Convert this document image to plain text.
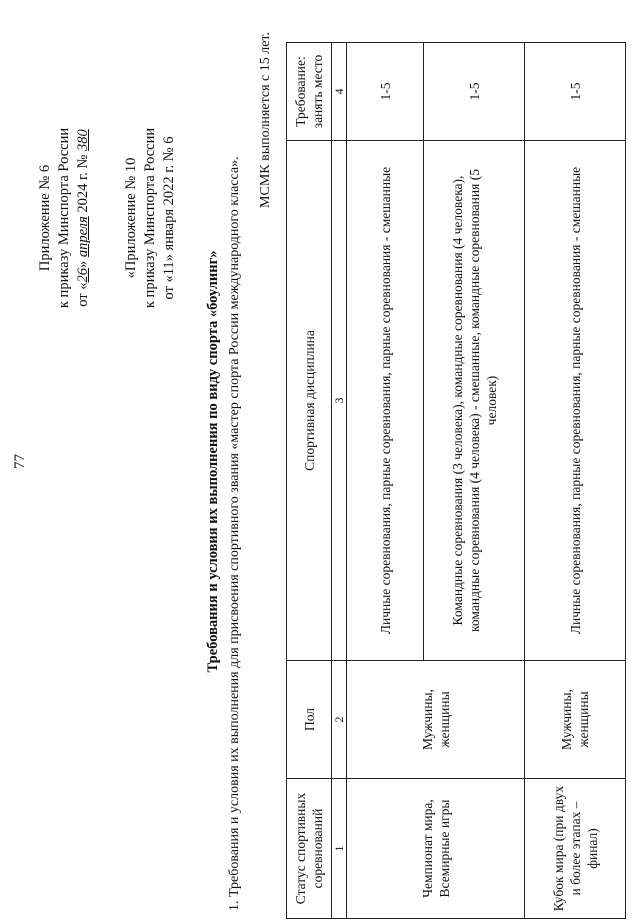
77
Приложение № 6 к приказу Минспорта России от «26» апреля 2024 г. № 380
«Приложение № 10 к приказу Минспорта России от «11» января 2022 г. № 6
Требования и условия их выполнения по виду спорта «боулинг» 1. Требования и условия их выполнения для присвоения спортивного звания «мастер спорта России международного класса».
МСМК выполняется с 15 лет.
Статус спортивных соревнований	Пол	Спортивная дисциплина	Требование: занять место
1	2	3	4
Чемпионат мира, Всемирные игры	Мужчины, женщины	Личные соревнования, парные соревнования, парные соревнования - смешанные	1-5
		Командные соревнования (3 человека), командные соревнования (4 человека), командные соревнования (4 человека) - смешанные, командные соревнования (5 человек)	1-5
Кубок мира (при двух и более этапах – финал)	Мужчины, женщины	Личные соревнования, парные соревнования, парные соревнования - смешанные	1-5
